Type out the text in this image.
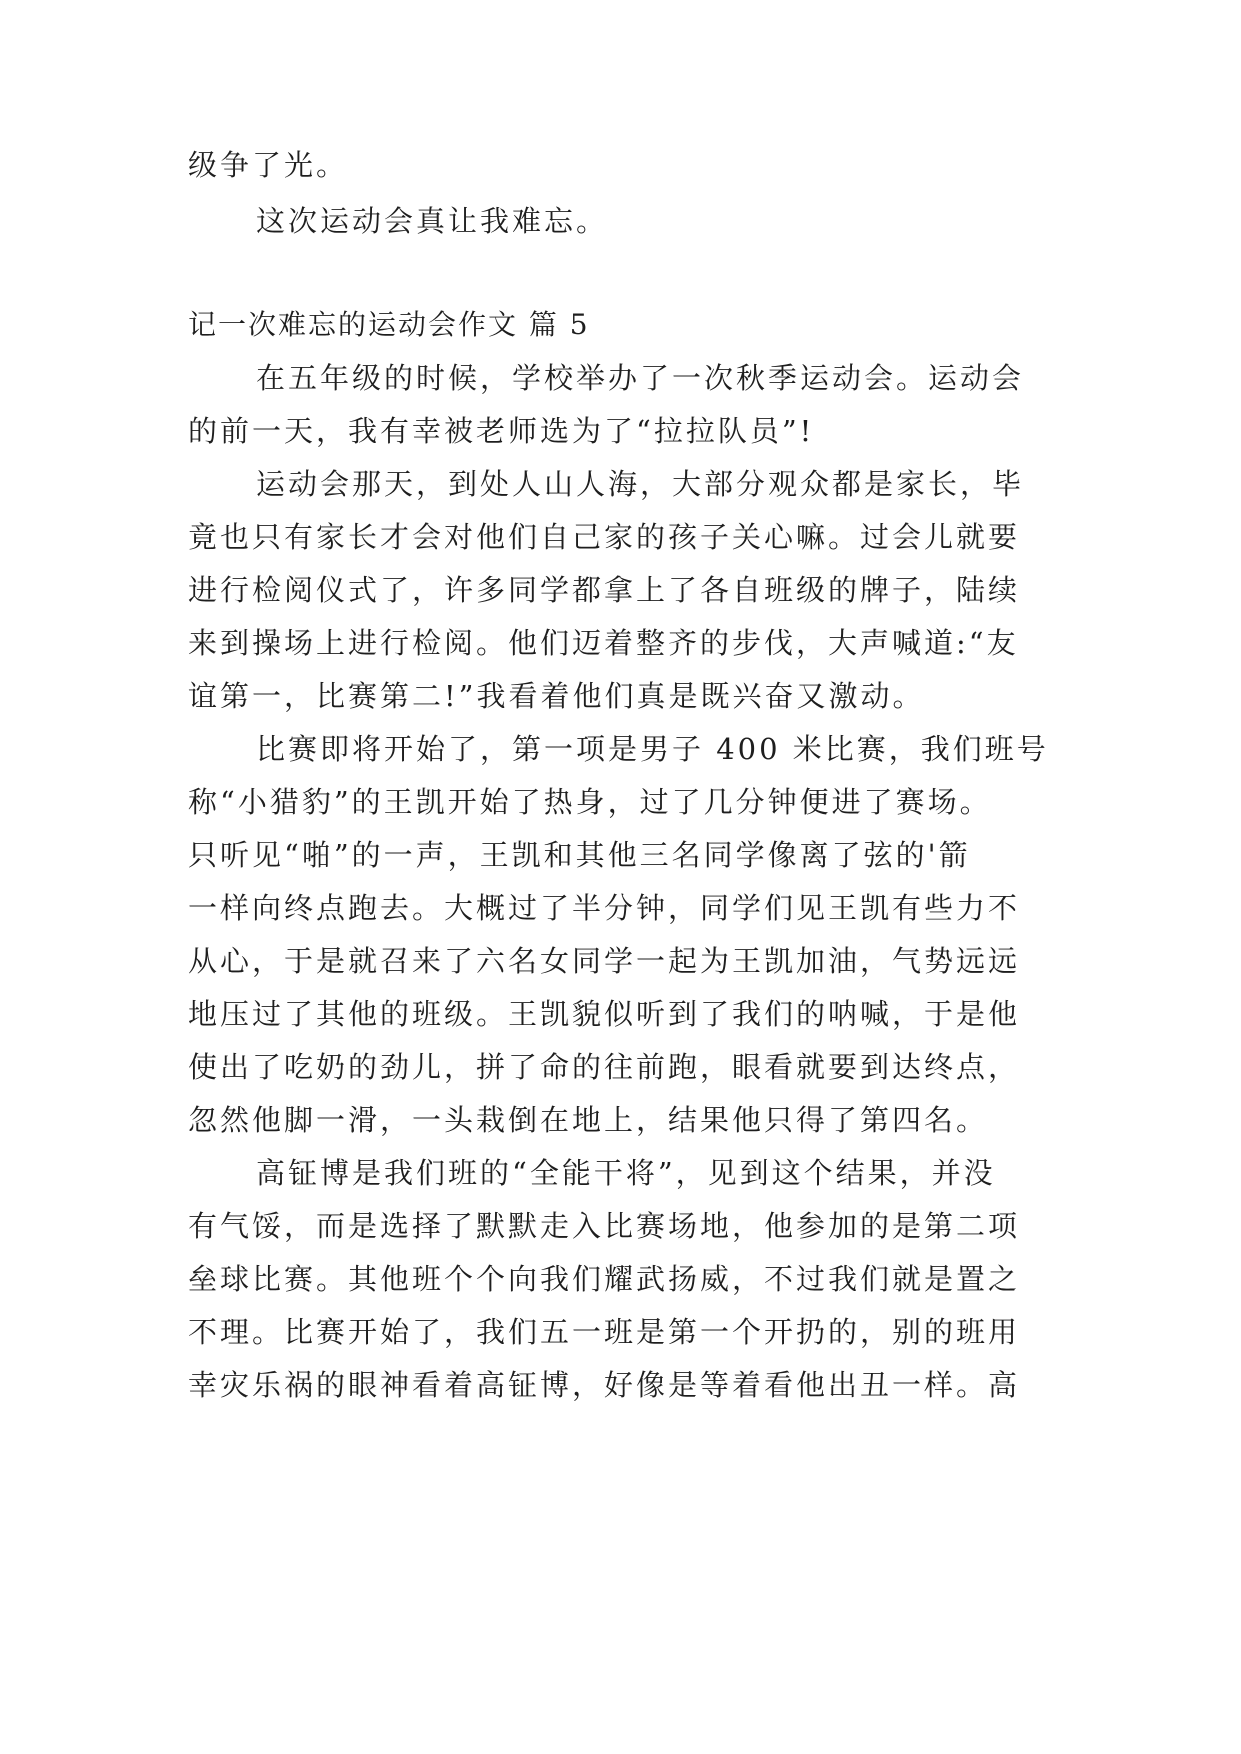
级争了光。
这次运动会真让我难忘。
记一次难忘的运动会作文 篇 5
在五年级的时候，学校举办了一次秋季运动会。运动会
的前一天，我有幸被老师选为了“拉拉队员”!
运动会那天，到处人山人海，大部分观众都是家长，毕
竟也只有家长才会对他们自己家的孩子关心嘛。过会儿就要
进行检阅仪式了，许多同学都拿上了各自班级的牌子，陆续
来到操场上进行检阅。他们迈着整齐的步伐，大声喊道:“友
谊第一，比赛第二!”我看着他们真是既兴奋又激动。
比赛即将开始了，第一项是男子 400 米比赛，我们班号
称“小猎豹”的王凯开始了热身，过了几分钟便进了赛场。
只听见“啪”的一声，王凯和其他三名同学像离了弦的'箭
一样向终点跑去。大概过了半分钟，同学们见王凯有些力不
从心，于是就召来了六名女同学一起为王凯加油，气势远远
地压过了其他的班级。王凯貌似听到了我们的呐喊，于是他
使出了吃奶的劲儿，拼了命的往前跑，眼看就要到达终点，
忽然他脚一滑，一头栽倒在地上，结果他只得了第四名。
高钲博是我们班的“全能干将”，见到这个结果，并没
有气馁，而是选择了默默走入比赛场地，他参加的是第二项
垒球比赛。其他班个个向我们耀武扬威，不过我们就是置之
不理。比赛开始了，我们五一班是第一个开扔的，别的班用
幸灾乐祸的眼神看着高钲博，好像是等着看他出丑一样。高
